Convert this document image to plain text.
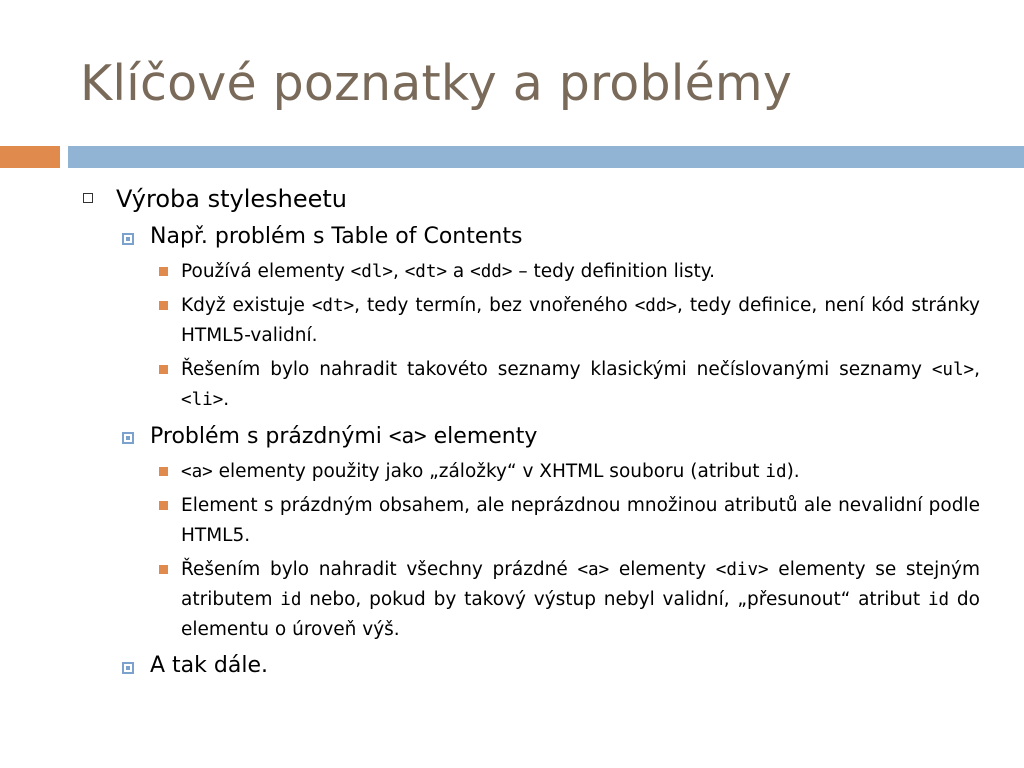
Klíčové poznatky a problémy
Výroba stylesheetu
Např. problém s Table of Contents
Používá elementy <dl>, <dt> a <dd> – tedy definition listy.
Když existuje <dt>, tedy termín, bez vnořeného <dd>, tedy definice, není kód stránky HTML5-validní.
Řešením bylo nahradit takovéto seznamy klasickými nečíslovanými seznamy <ul>, <li>.
Problém s prázdnými <a> elementy
<a> elementy použity jako „záložky“ v XHTML souboru (atribut id).
Element s prázdným obsahem, ale neprázdnou množinou atributů ale nevalidní podle HTML5.
Řešením bylo nahradit všechny prázdné <a> elementy <div> elementy se stejným atributem id nebo, pokud by takový výstup nebyl validní, „přesunout“ atribut id do elementu o úroveň výš.
A tak dále.
